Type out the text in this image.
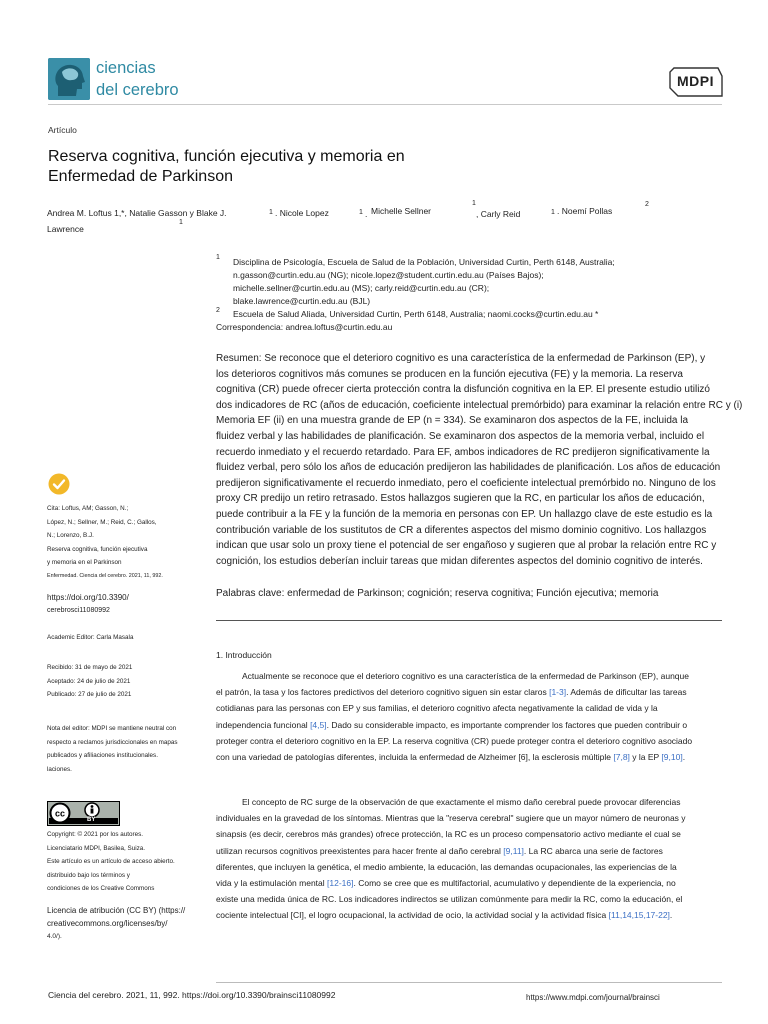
ciencias
del cerebro	MDPI
Artículo
Reserva cognitiva, función ejecutiva y memoria en
Enfermedad de Parkinson
Andrea M. Loftus 1,*, Natalie Gasson y Blake J.
1
1 . Nicole Lopez	1 . Michelle Sellner
1
, Carly Reid	1 . Noemí Pollas
2
Lawrence
1 Disciplina de Psicología, Escuela de Salud de la Población, Universidad Curtin, Perth 6148, Australia;
n.gasson@curtin.edu.au (NG); nicole.lopez@student.curtin.edu.au (Países Bajos);
michelle.sellner@curtin.edu.au (MS); carly.reid@curtin.edu.au (CR);
blake.lawrence@curtin.edu.au (BJL)
2 Escuela de Salud Aliada, Universidad Curtin, Perth 6148, Australia; naomi.cocks@curtin.edu.au *
Correspondencia: andrea.loftus@curtin.edu.au
Resumen: Se reconoce que el deterioro cognitivo es una característica de la enfermedad de Parkinson (EP), y
los deterioros cognitivos más comunes se producen en la función ejecutiva (FE) y la memoria. La reserva
cognitiva (CR) puede ofrecer cierta protección contra la disfunción cognitiva en la EP. El presente estudio utilizó
dos indicadores de RC (años de educación, coeficiente intelectual premórbido) para examinar la relación entre RC y (i)
Memoria EF (ii) en una muestra grande de EP (n = 334). Se examinaron dos aspectos de la FE, incluida la
fluidez verbal y las habilidades de planificación. Se examinaron dos aspectos de la memoria verbal, incluido el
recuerdo inmediato y el recuerdo retardado. Para EF, ambos indicadores de RC predijeron significativamente la
fluidez verbal, pero sólo los años de educación predijeron las habilidades de planificación. Los años de educación
predijeron significativamente el recuerdo inmediato, pero el coeficiente intelectual premórbido no. Ninguno de los
proxy CR predijo un retiro retrasado. Estos hallazgos sugieren que la RC, en particular los años de educación,
puede contribuir a la FE y la función de la memoria en personas con EP. Un hallazgo clave de este estudio es la
contribución variable de los sustitutos de CR a diferentes aspectos del mismo dominio cognitivo. Los hallazgos
indican que usar solo un proxy tiene el potencial de ser engañoso y sugieren que al probar la relación entre RC y
cognición, los estudios deberían incluir tareas que midan diferentes aspectos del dominio cognitivo de interés.
Palabras clave: enfermedad de Parkinson; cognición; reserva cognitiva; Función ejecutiva; memoria
1. Introducción
Actualmente se reconoce que el deterioro cognitivo es una característica de la enfermedad de Parkinson (EP), aunque
el patrón, la tasa y los factores predictivos del deterioro cognitivo siguen sin estar claros [1-3]. Además de dificultar las tareas
cotidianas para las personas con EP y sus familias, el deterioro cognitivo afecta negativamente la calidad de vida y la
independencia funcional [4,5]. Dado su considerable impacto, es importante comprender los factores que pueden contribuir o
proteger contra el deterioro cognitivo en la EP. La reserva cognitiva (CR) puede proteger contra el deterioro cognitivo asociado
con una variedad de patologías diferentes, incluida la enfermedad de Alzheimer [6], la esclerosis múltiple [7,8] y la EP [9,10].
El concepto de RC surge de la observación de que exactamente el mismo daño cerebral puede provocar diferencias
individuales en la gravedad de los síntomas. Mientras que la "reserva cerebral" sugiere que un mayor número de neuronas y
sinapsis (es decir, cerebros más grandes) ofrece protección, la RC es un proceso compensatorio activo mediante el cual se
utilizan recursos cognitivos preexistentes para hacer frente al daño cerebral [9,11]. La RC abarca una serie de factores
diferentes, que incluyen la genética, el medio ambiente, la educación, las demandas ocupacionales, las experiencias de la
vida y la estimulación mental [12-16]. Como se cree que es multifactorial, acumulativo y dependiente de la experiencia, no
existe una medida única de RC. Los indicadores indirectos se utilizan comúnmente para medir la RC, como la educación, el
cociente intelectual [CI], el logro ocupacional, la actividad de ocio, la actividad social y la actividad física [11,14,15,17-22].
Cita: Loftus, AM; Gasson, N.;
López, N.; Sellner, M.; Reid, C.; Gallos,
N.; Lorenzo, B.J.
Reserva cognitiva, función ejecutiva
y memoria en el Parkinson
Enfermedad. Ciencia del cerebro. 2021, 11, 992.
https://doi.org/10.3390/
cerebrosci11080992
Academic Editor: Carla Masala
Recibido: 31 de mayo de 2021
Aceptado: 24 de julio de 2021
Publicado: 27 de julio de 2021
Nota del editor: MDPI se mantiene neutral con
respecto a reclamos jurisdiccionales en mapas
publicados y afiliaciones institucionales.
laciones.
cc
BY
Copyright: © 2021 por los autores.
Licenciatario MDPI, Basilea, Suiza.
Este artículo es un artículo de acceso abierto.
distribuido bajo los términos y
condiciones de los Creative Commons
Licencia de atribución (CC BY) (https://
creativecommons.org/licenses/by/
4.0/).
Ciencia del cerebro. 2021, 11, 992. https://doi.org/10.3390/brainsci11080992	https://www.mdpi.com/journal/brainsci
